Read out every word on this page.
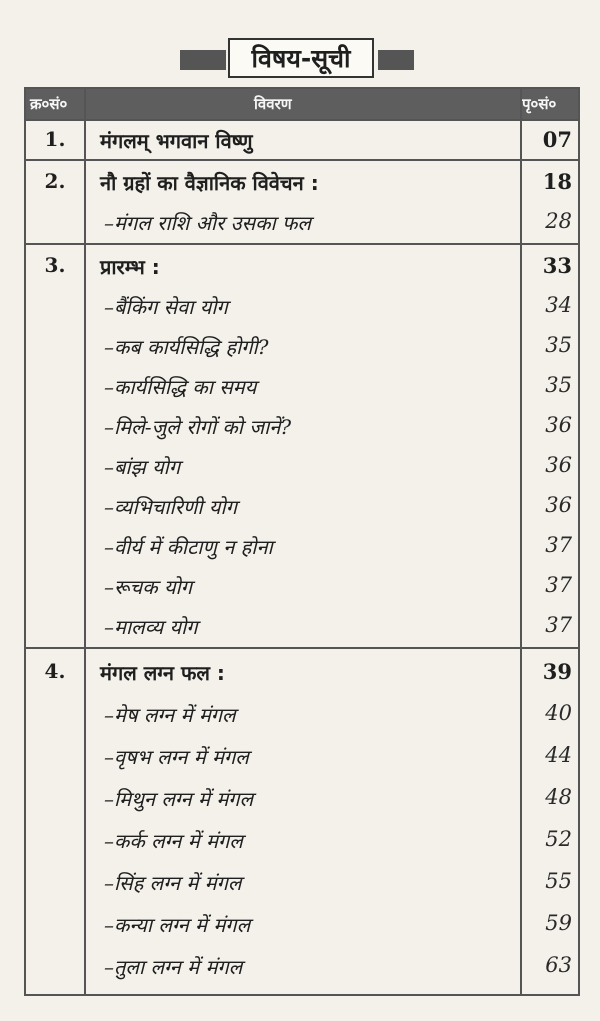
विषय-सूची
क्र०सं०	विवरण	पृ०सं०
1.	मंगलम् भगवान विष्णु	07
2.	नौ ग्रहों का वैज्ञानिक विवेचन :	18
–मंगल राशि और उसका फल	28
3.	प्रारम्भ :	33
–बैंकिंग सेवा योग	34
–कब कार्यसिद्धि होगी?	35
–कार्यसिद्धि का समय	35
–मिले-जुले रोगों को जानें?	36
–बांझ योग	36
–व्यभिचारिणी योग	36
–वीर्य में कीटाणु न होना	37
–रूचक योग	37
–मालव्य योग	37
4.	मंगल लग्न फल :	39
–मेष लग्न में मंगल	40
–वृषभ लग्न में मंगल	44
–मिथुन लग्न में मंगल	48
–कर्क लग्न में मंगल	52
–सिंह लग्न में मंगल	55
–कन्या लग्न में मंगल	59
–तुला लग्न में मंगल	63
